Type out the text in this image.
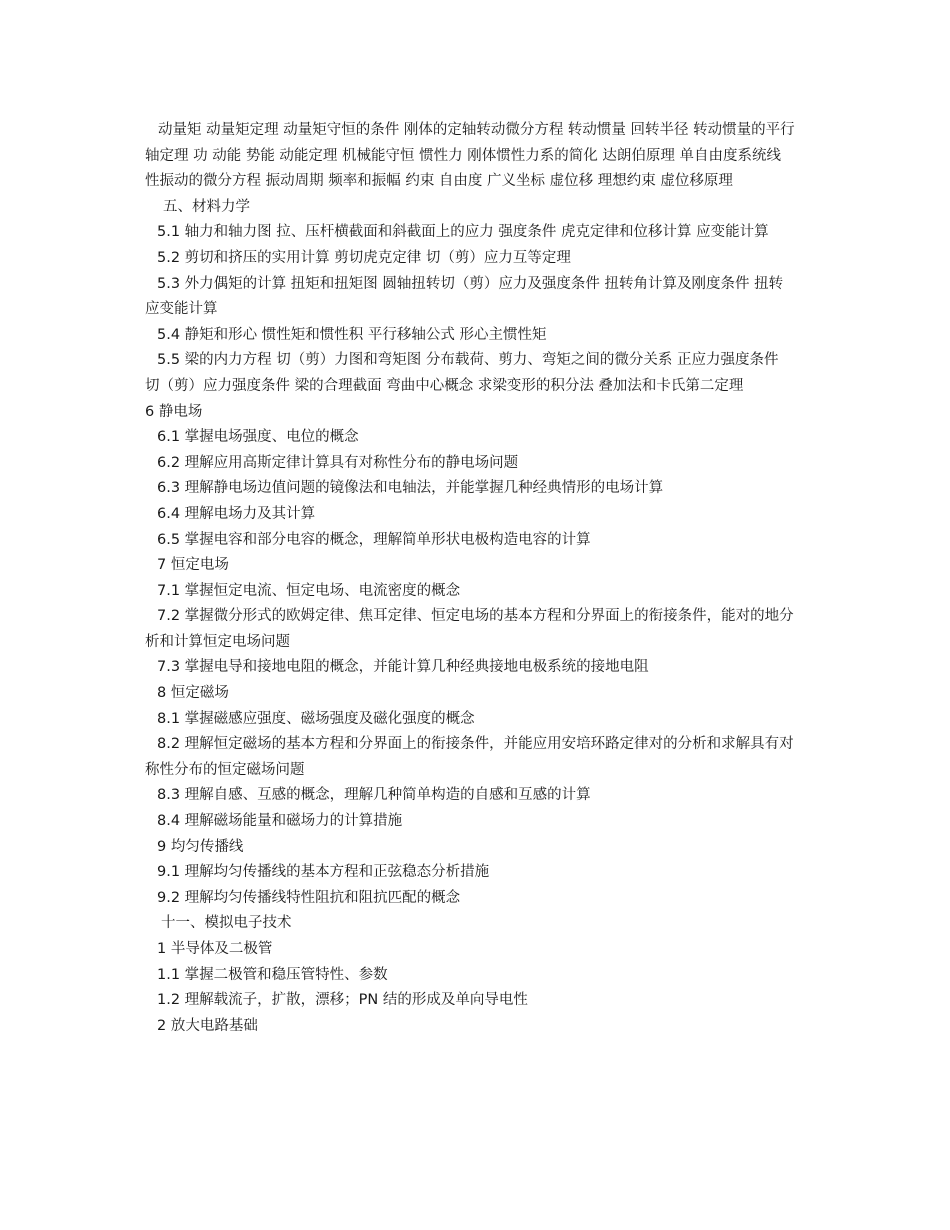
动量矩 动量矩定理 动量矩守恒的条件 刚体的定轴转动微分方程 转动惯量 回转半径 转动惯量的平行轴定理 功 动能 势能 动能定理 机械能守恒 惯性力 刚体惯性力系的简化 达朗伯原理 单自由度系统线性振动的微分方程 振动周期 频率和振幅 约束 自由度 广义坐标 虚位移 理想约束 虚位移原理

五、材料力学

5.1 轴力和轴力图 拉、压杆横截面和斜截面上的应力 强度条件 虎克定律和位移计算 应变能计算

5.2 剪切和挤压的实用计算 剪切虎克定律 切（剪）应力互等定理

5.3 外力偶矩的计算 扭矩和扭矩图 圆轴扭转切（剪）应力及强度条件 扭转角计算及刚度条件 扭转应变能计算

5.4 静矩和形心 惯性矩和惯性积 平行移轴公式 形心主惯性矩

5.5 梁的内力方程 切（剪）力图和弯矩图 分布载荷、剪力、弯矩之间的微分关系 正应力强度条件 切（剪）应力强度条件 梁的合理截面 弯曲中心概念 求梁变形的积分法 叠加法和卡氏第二定理

6 静电场

6.1 掌握电场强度、电位的概念

6.2 理解应用高斯定律计算具有对称性分布的静电场问题

6.3 理解静电场边值问题的镜像法和电轴法，并能掌握几种经典情形的电场计算

6.4 理解电场力及其计算

6.5 掌握电容和部分电容的概念，理解简单形状电极构造电容的计算

7 恒定电场

7.1 掌握恒定电流、恒定电场、电流密度的概念

7.2 掌握微分形式的欧姆定律、焦耳定律、恒定电场的基本方程和分界面上的衔接条件，能对的地分析和计算恒定电场问题

7.3 掌握电导和接地电阻的概念，并能计算几种经典接地电极系统的接地电阻

8 恒定磁场

8.1 掌握磁感应强度、磁场强度及磁化强度的概念

8.2 理解恒定磁场的基本方程和分界面上的衔接条件，并能应用安培环路定律对的分析和求解具有对称性分布的恒定磁场问题

8.3 理解自感、互感的概念，理解几种简单构造的自感和互感的计算

8.4 理解磁场能量和磁场力的计算措施

9 均匀传播线

9.1 理解均匀传播线的基本方程和正弦稳态分析措施

9.2 理解均匀传播线特性阻抗和阻抗匹配的概念

十一、模拟电子技术

1 半导体及二极管

1.1 掌握二极管和稳压管特性、参数

1.2 理解载流子，扩散，漂移；PN 结的形成及单向导电性

2 放大电路基础
